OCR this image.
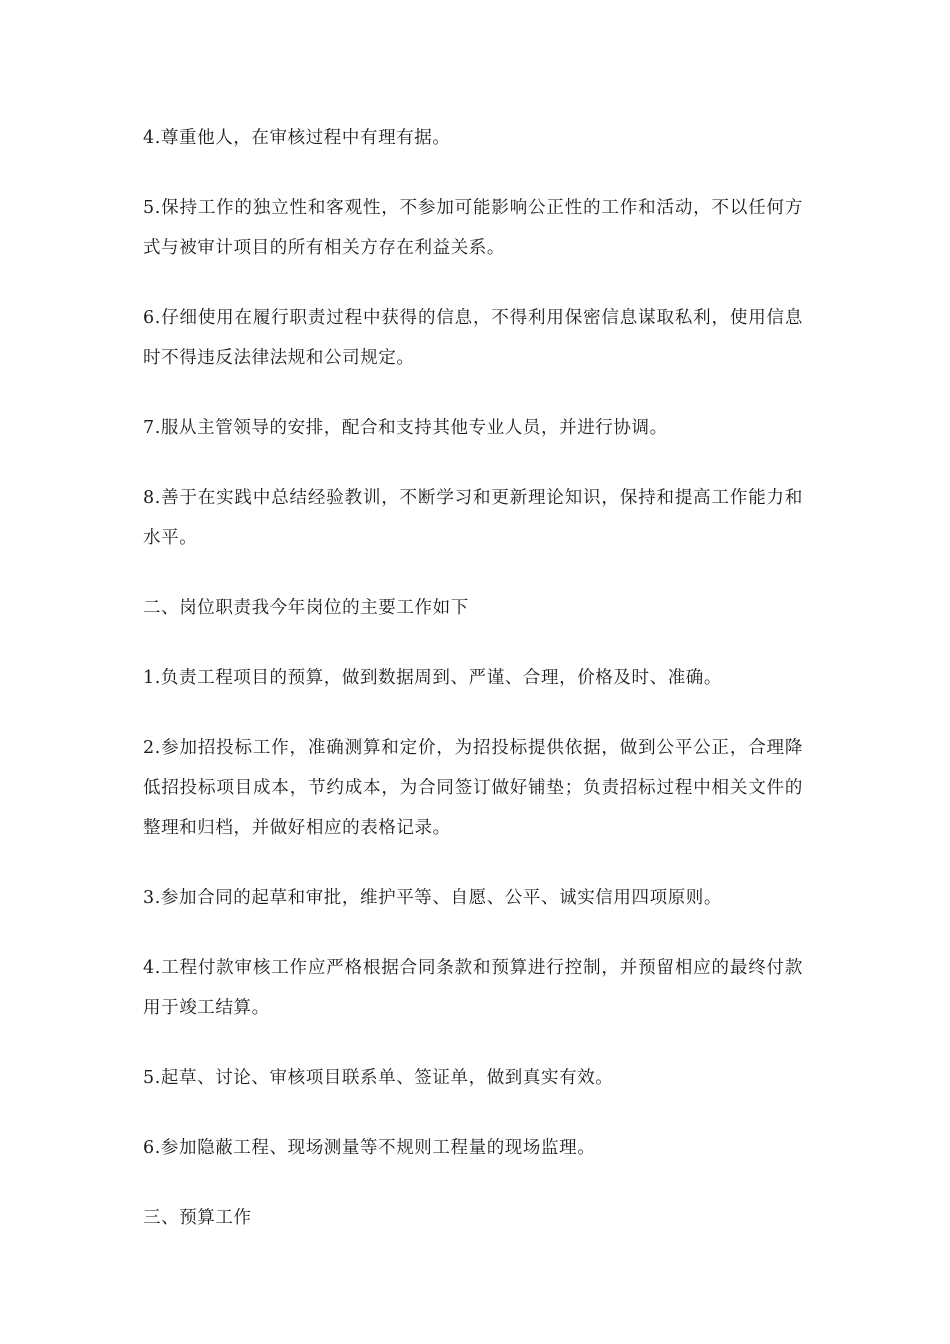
4.尊重他人，在审核过程中有理有据。

5.保持工作的独立性和客观性，不参加可能影响公正性的工作和活动，不以任何方式与被审计项目的所有相关方存在利益关系。

6.仔细使用在履行职责过程中获得的信息，不得利用保密信息谋取私利，使用信息时不得违反法律法规和公司规定。

7.服从主管领导的安排，配合和支持其他专业人员，并进行协调。

8.善于在实践中总结经验教训，不断学习和更新理论知识，保持和提高工作能力和水平。

二、岗位职责我今年岗位的主要工作如下

1.负责工程项目的预算，做到数据周到、严谨、合理，价格及时、准确。

2.参加招投标工作，准确测算和定价，为招投标提供依据，做到公平公正，合理降低招投标项目成本，节约成本，为合同签订做好铺垫；负责招标过程中相关文件的整理和归档，并做好相应的表格记录。

3.参加合同的起草和审批，维护平等、自愿、公平、诚实信用四项原则。

4.工程付款审核工作应严格根据合同条款和预算进行控制，并预留相应的最终付款用于竣工结算。

5.起草、讨论、审核项目联系单、签证单，做到真实有效。

6.参加隐蔽工程、现场测量等不规则工程量的现场监理。

三、预算工作
